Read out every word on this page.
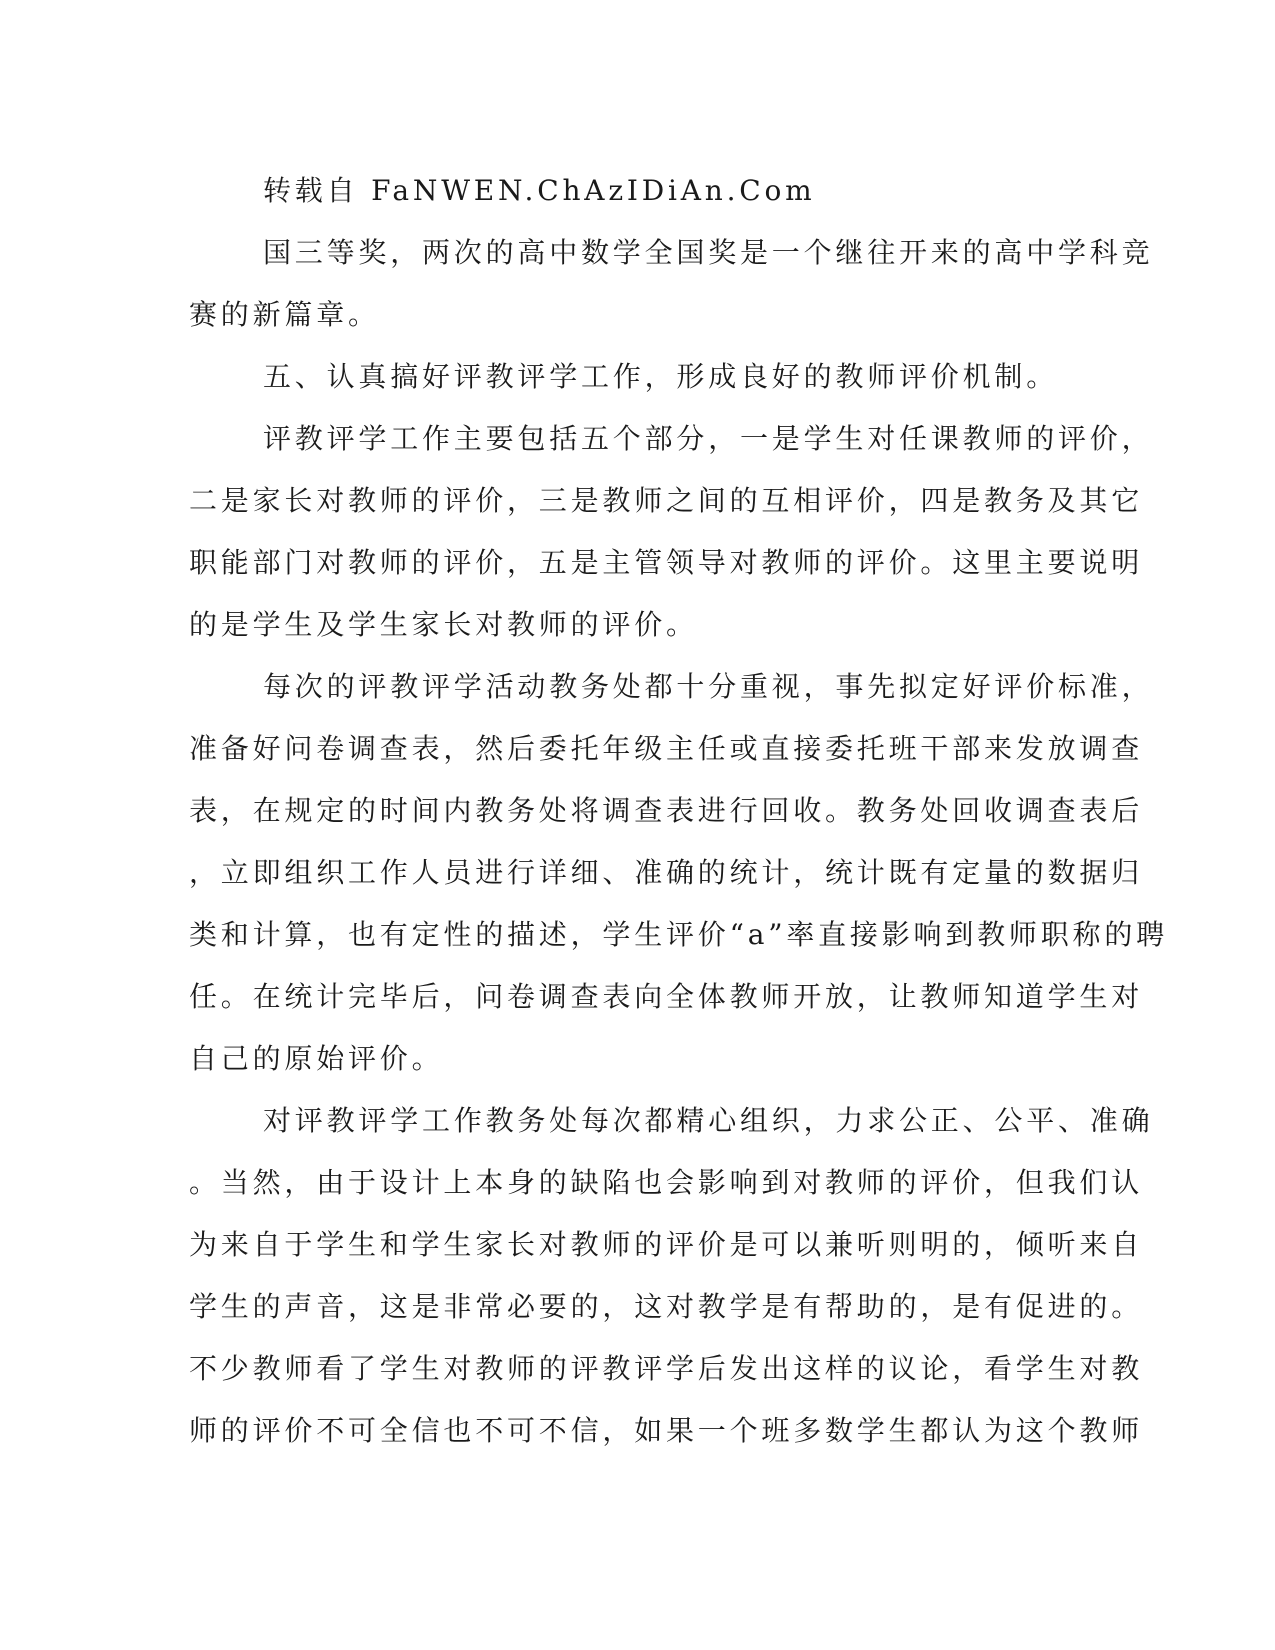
转载自 FaNWEN.ChAzIDiAn.Com
国三等奖，两次的高中数学全国奖是一个继往开来的高中学科竞
赛的新篇章。
五、认真搞好评教评学工作，形成良好的教师评价机制。
评教评学工作主要包括五个部分，一是学生对任课教师的评价，
二是家长对教师的评价，三是教师之间的互相评价，四是教务及其它
职能部门对教师的评价，五是主管领导对教师的评价。这里主要说明
的是学生及学生家长对教师的评价。
每次的评教评学活动教务处都十分重视，事先拟定好评价标准，
准备好问卷调查表，然后委托年级主任或直接委托班干部来发放调查
表，在规定的时间内教务处将调查表进行回收。教务处回收调查表后
，立即组织工作人员进行详细、准确的统计，统计既有定量的数据归
类和计算，也有定性的描述，学生评价“a”率直接影响到教师职称的聘
任。在统计完毕后，问卷调查表向全体教师开放，让教师知道学生对
自己的原始评价。
对评教评学工作教务处每次都精心组织，力求公正、公平、准确
。当然，由于设计上本身的缺陷也会影响到对教师的评价，但我们认
为来自于学生和学生家长对教师的评价是可以兼听则明的，倾听来自
学生的声音，这是非常必要的，这对教学是有帮助的，是有促进的。
不少教师看了学生对教师的评教评学后发出这样的议论，看学生对教
师的评价不可全信也不可不信，如果一个班多数学生都认为这个教师
